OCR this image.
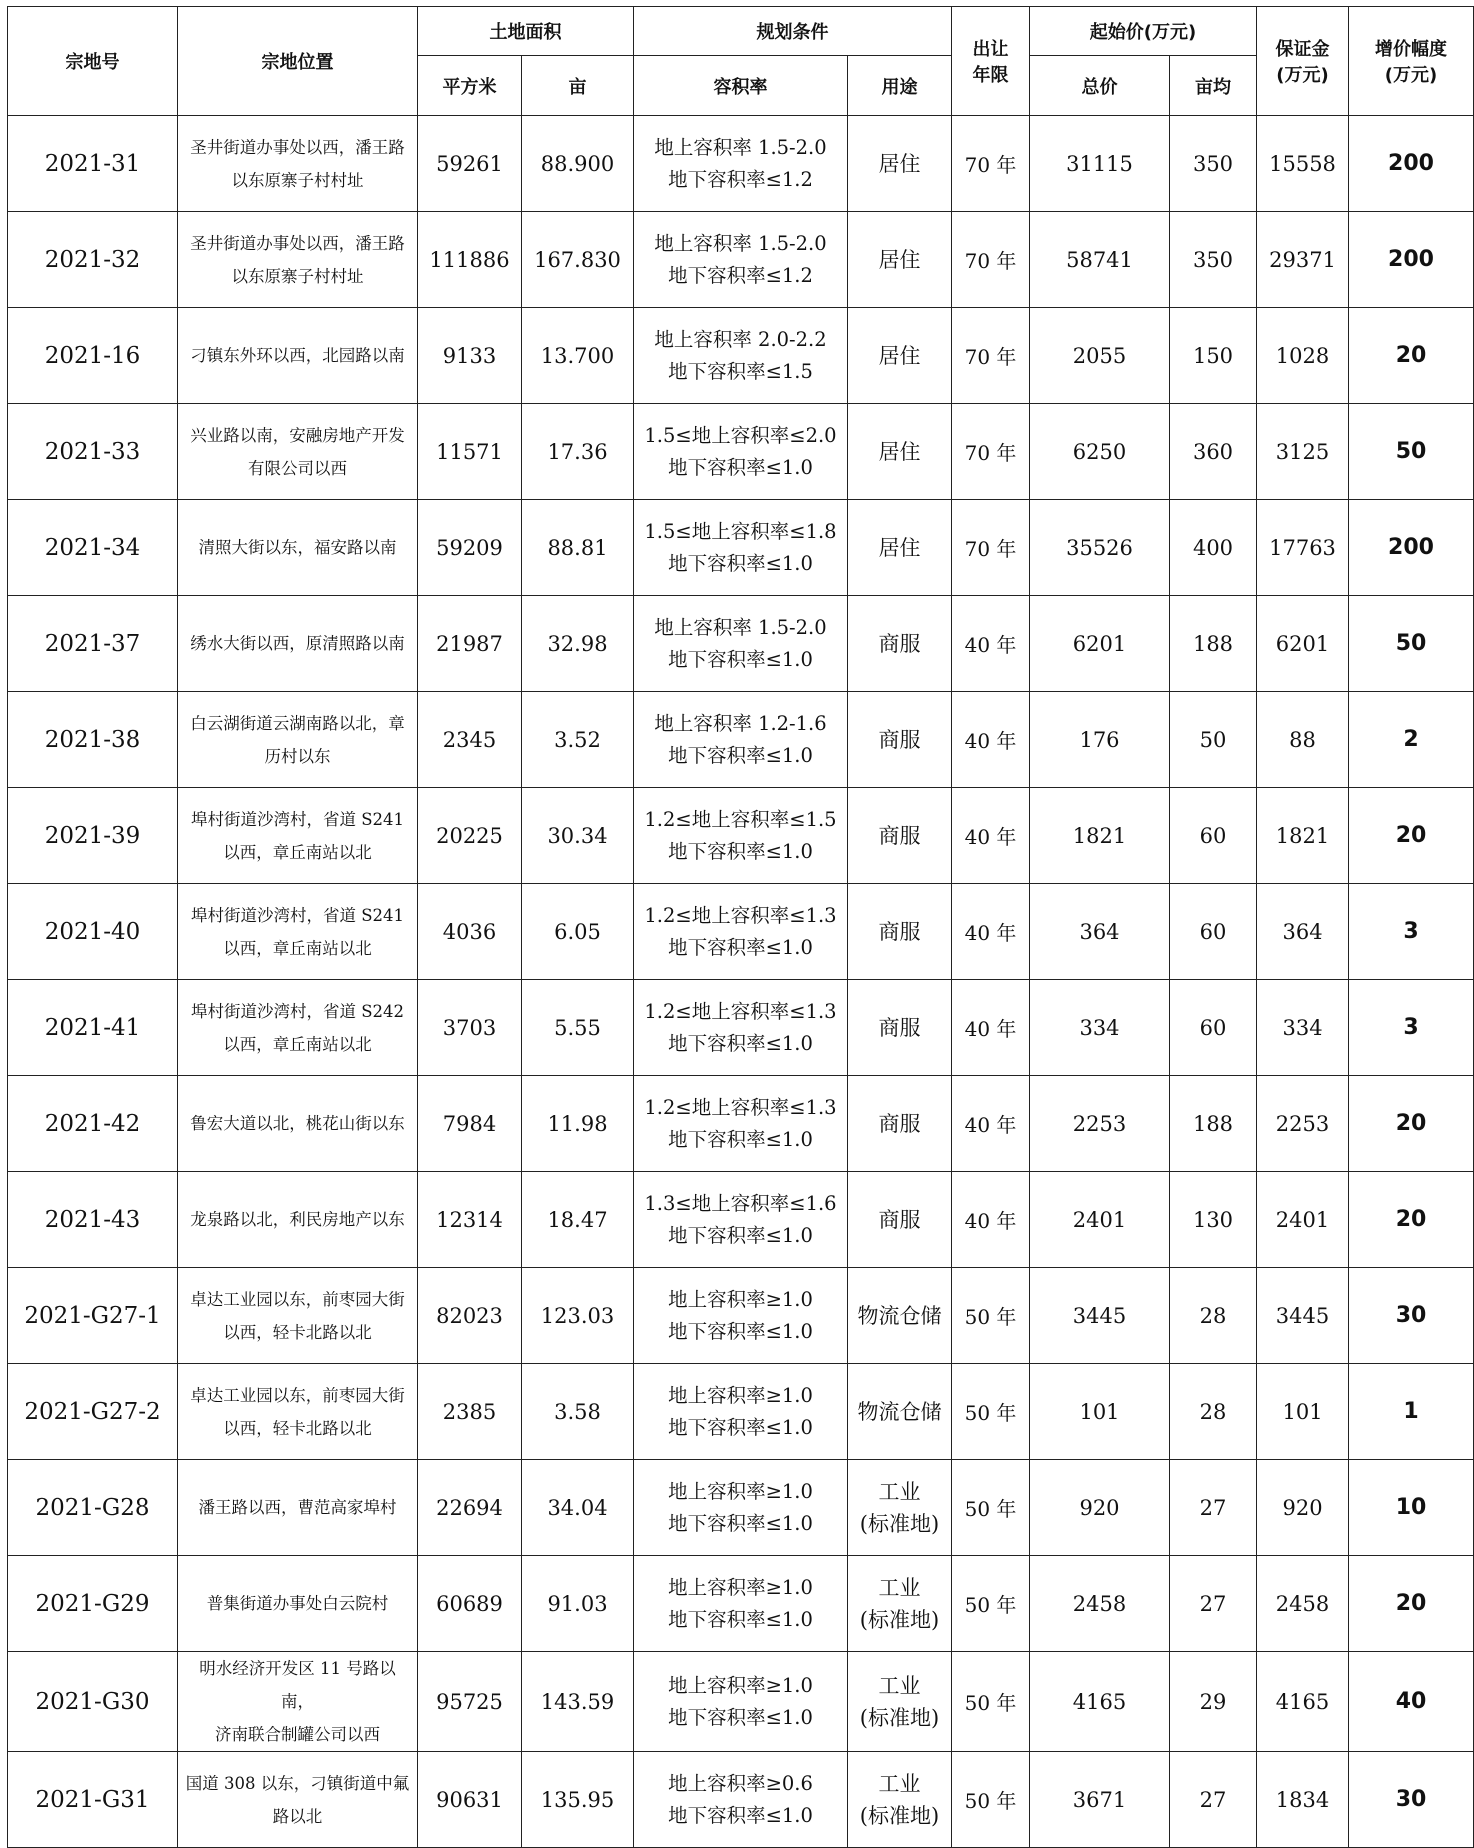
宗地号	宗地位置	土地面积		规划条件		出让
年限	起始价(万元)		保证金
(万元)	增价幅度
(万元)

		平方米	亩	容积率	用途		总价	亩均		
2021-31	圣井街道办事处以西，潘王路
以东原寨子村村址	59261	88.900	地上容积率 1.5-2.0
地下容积率≤1.2	居住	70 年	31115	350	15558	200
2021-32	圣井街道办事处以西，潘王路
以东原寨子村村址	111886	167.830	地上容积率 1.5-2.0
地下容积率≤1.2	居住	70 年	58741	350	29371	200
2021-16	刁镇东外环以西，北园路以南	9133	13.700	地上容积率 2.0-2.2
地下容积率≤1.5	居住	70 年	2055	150	1028	20
2021-33	兴业路以南，安融房地产开发
有限公司以西	11571	17.36	1.5≤地上容积率≤2.0
地下容积率≤1.0	居住	70 年	6250	360	3125	50
2021-34	清照大街以东，福安路以南	59209	88.81	1.5≤地上容积率≤1.8
地下容积率≤1.0	居住	70 年	35526	400	17763	200
2021-37	绣水大街以西，原清照路以南	21987	32.98	地上容积率 1.5-2.0
地下容积率≤1.0	商服	40 年	6201	188	6201	50
2021-38	白云湖街道云湖南路以北，章
历村以东	2345	3.52	地上容积率 1.2-1.6
地下容积率≤1.0	商服	40 年	176	50	88	2
2021-39	埠村街道沙湾村，省道 S241
以西，章丘南站以北	20225	30.34	1.2≤地上容积率≤1.5
地下容积率≤1.0	商服	40 年	1821	60	1821	20
2021-40	埠村街道沙湾村，省道 S241
以西，章丘南站以北	4036	6.05	1.2≤地上容积率≤1.3
地下容积率≤1.0	商服	40 年	364	60	364	3
2021-41	埠村街道沙湾村，省道 S242
以西，章丘南站以北	3703	5.55	1.2≤地上容积率≤1.3
地下容积率≤1.0	商服	40 年	334	60	334	3
2021-42	鲁宏大道以北，桃花山街以东	7984	11.98	1.2≤地上容积率≤1.3
地下容积率≤1.0	商服	40 年	2253	188	2253	20
2021-43	龙泉路以北，利民房地产以东	12314	18.47	1.3≤地上容积率≤1.6
地下容积率≤1.0	商服	40 年	2401	130	2401	20
2021-G27-1	卓达工业园以东，前枣园大街
以西，轻卡北路以北	82023	123.03	地上容积率≥1.0
地下容积率≤1.0	物流仓储	50 年	3445	28	3445	30
2021-G27-2	卓达工业园以东，前枣园大街
以西，轻卡北路以北	2385	3.58	地上容积率≥1.0
地下容积率≤1.0	物流仓储	50 年	101	28	101	1
2021-G28	潘王路以西，曹范高家埠村	22694	34.04	地上容积率≥1.0
地下容积率≤1.0	工业
(标准地)	50 年	920	27	920	10
2021-G29	普集街道办事处白云院村	60689	91.03	地上容积率≥1.0
地下容积率≤1.0	工业
(标准地)	50 年	2458	27	2458	20
2021-G30	明水经济开发区 11 号路以南，
济南联合制罐公司以西	95725	143.59	地上容积率≥1.0
地下容积率≤1.0	工业
(标准地)	50 年	4165	29	4165	40
2021-G31	国道 308 以东，刁镇街道中氟
路以北	90631	135.95	地上容积率≥0.6
地下容积率≤1.0	工业
(标准地)	50 年	3671	27	1834	30
